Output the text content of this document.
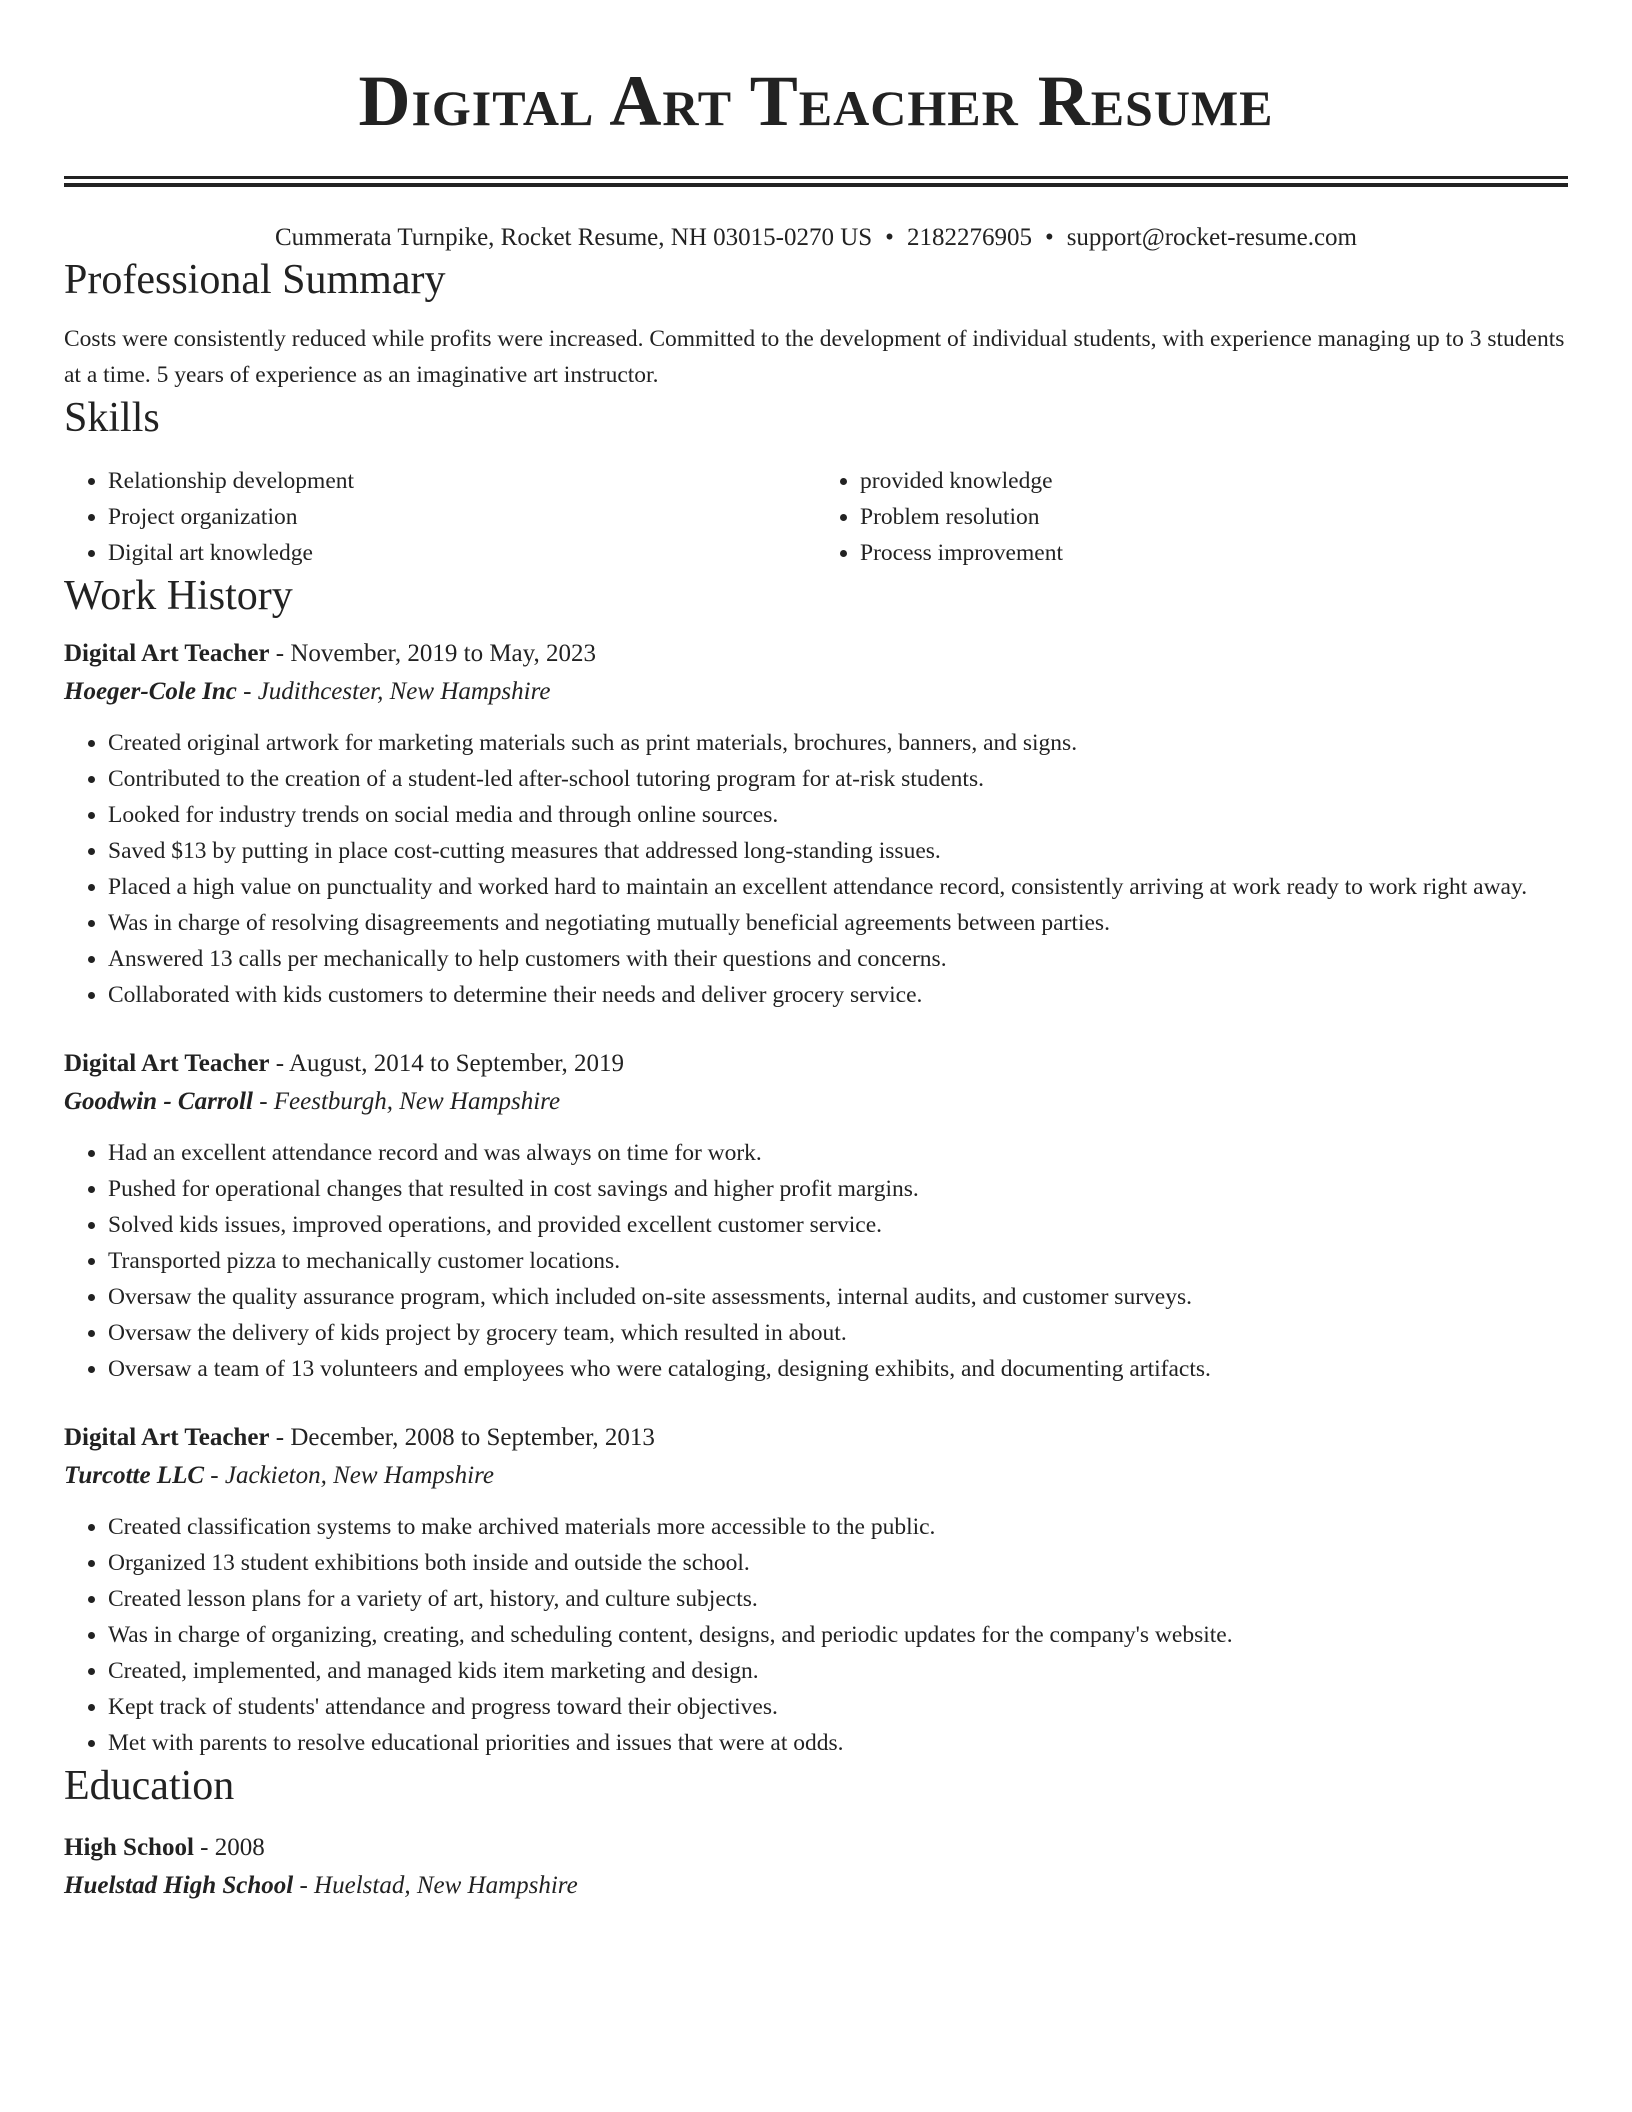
Digital Art Teacher Resume
Cummerata Turnpike, Rocket Resume, NH 03015-0270 US • 2182276905 • support@rocket-resume.com
Professional Summary
Costs were consistently reduced while profits were increased. Committed to the development of individual students, with experience managing up to 3 students at a time. 5 years of experience as an imaginative art instructor.
Skills
• Relationship development
• Project organization
• Digital art knowledge
• provided knowledge
• Problem resolution
• Process improvement
Work History
Digital Art Teacher - November, 2019 to May, 2023
Hoeger-Cole Inc - Judithcester, New Hampshire
• Created original artwork for marketing materials such as print materials, brochures, banners, and signs.
• Contributed to the creation of a student-led after-school tutoring program for at-risk students.
• Looked for industry trends on social media and through online sources.
• Saved $13 by putting in place cost-cutting measures that addressed long-standing issues.
• Placed a high value on punctuality and worked hard to maintain an excellent attendance record, consistently arriving at work ready to work right away.
• Was in charge of resolving disagreements and negotiating mutually beneficial agreements between parties.
• Answered 13 calls per mechanically to help customers with their questions and concerns.
• Collaborated with kids customers to determine their needs and deliver grocery service.
Digital Art Teacher - August, 2014 to September, 2019
Goodwin - Carroll - Feestburgh, New Hampshire
• Had an excellent attendance record and was always on time for work.
• Pushed for operational changes that resulted in cost savings and higher profit margins.
• Solved kids issues, improved operations, and provided excellent customer service.
• Transported pizza to mechanically customer locations.
• Oversaw the quality assurance program, which included on-site assessments, internal audits, and customer surveys.
• Oversaw the delivery of kids project by grocery team, which resulted in about.
• Oversaw a team of 13 volunteers and employees who were cataloging, designing exhibits, and documenting artifacts.
Digital Art Teacher - December, 2008 to September, 2013
Turcotte LLC - Jackieton, New Hampshire
• Created classification systems to make archived materials more accessible to the public.
• Organized 13 student exhibitions both inside and outside the school.
• Created lesson plans for a variety of art, history, and culture subjects.
• Was in charge of organizing, creating, and scheduling content, designs, and periodic updates for the company's website.
• Created, implemented, and managed kids item marketing and design.
• Kept track of students' attendance and progress toward their objectives.
• Met with parents to resolve educational priorities and issues that were at odds.
Education
High School - 2008
Huelstad High School - Huelstad, New Hampshire
